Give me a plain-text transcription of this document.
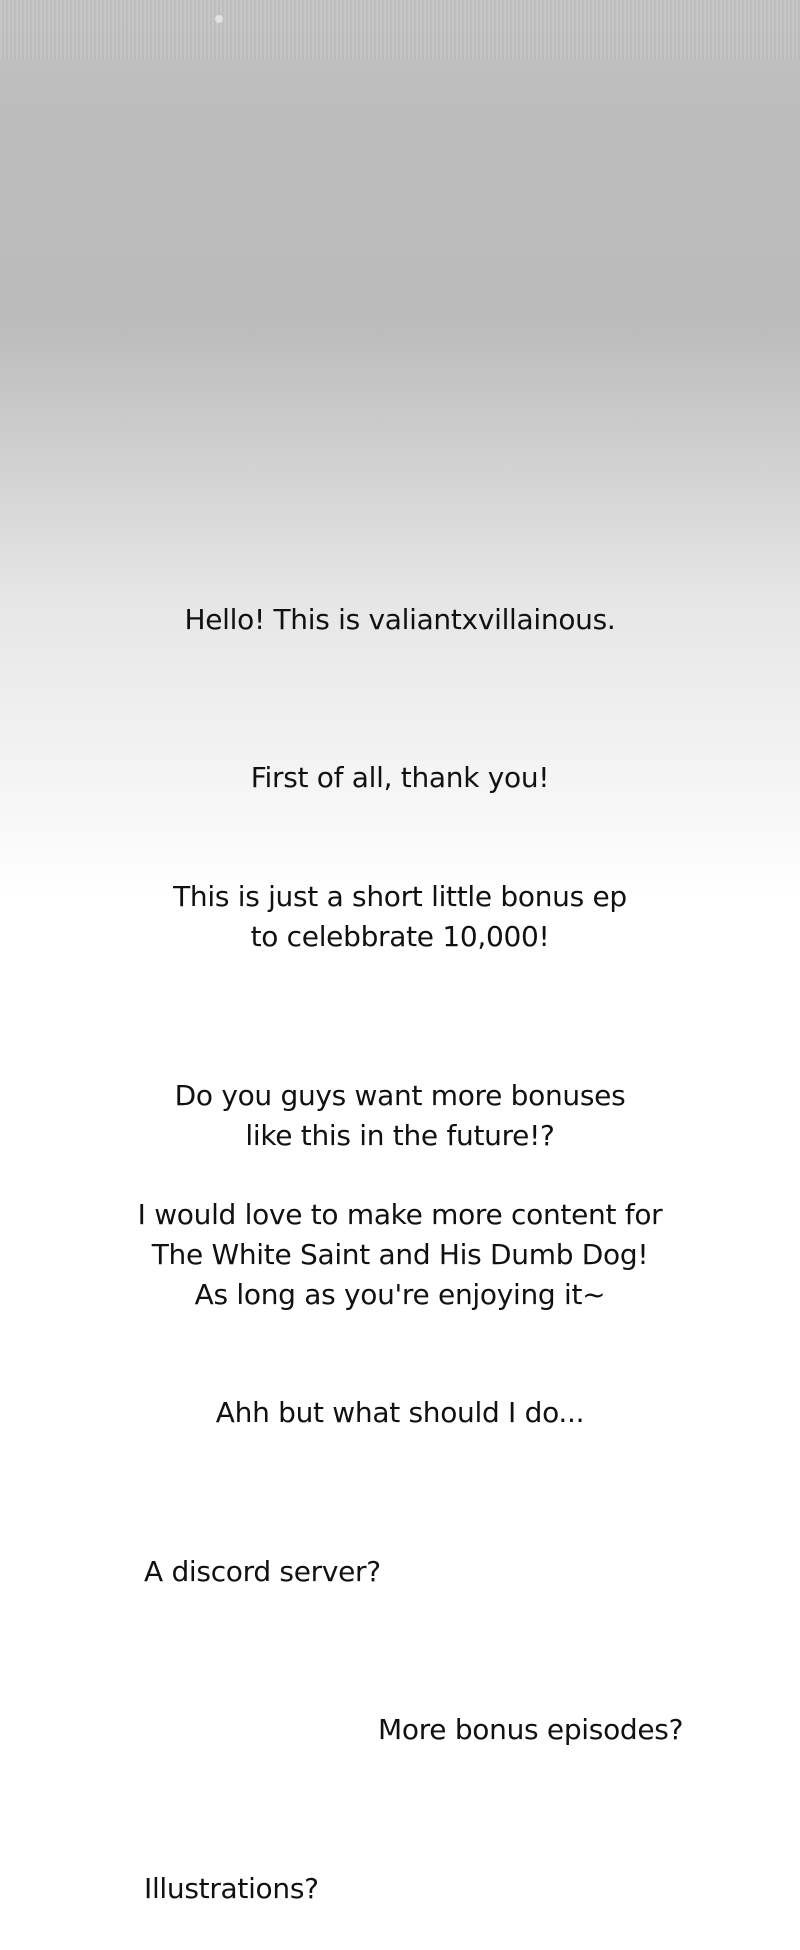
Hello! This is valiantxvillainous.
First of all, thank you!
This is just a short little bonus ep
to celebbrate 10,000!
Do you guys want more bonuses
like this in the future!?
I would love to make more content for
The White Saint and His Dumb Dog!
As long as you're enjoying it~
Ahh but what should I do...
A discord server?
More bonus episodes?
Illustrations?
